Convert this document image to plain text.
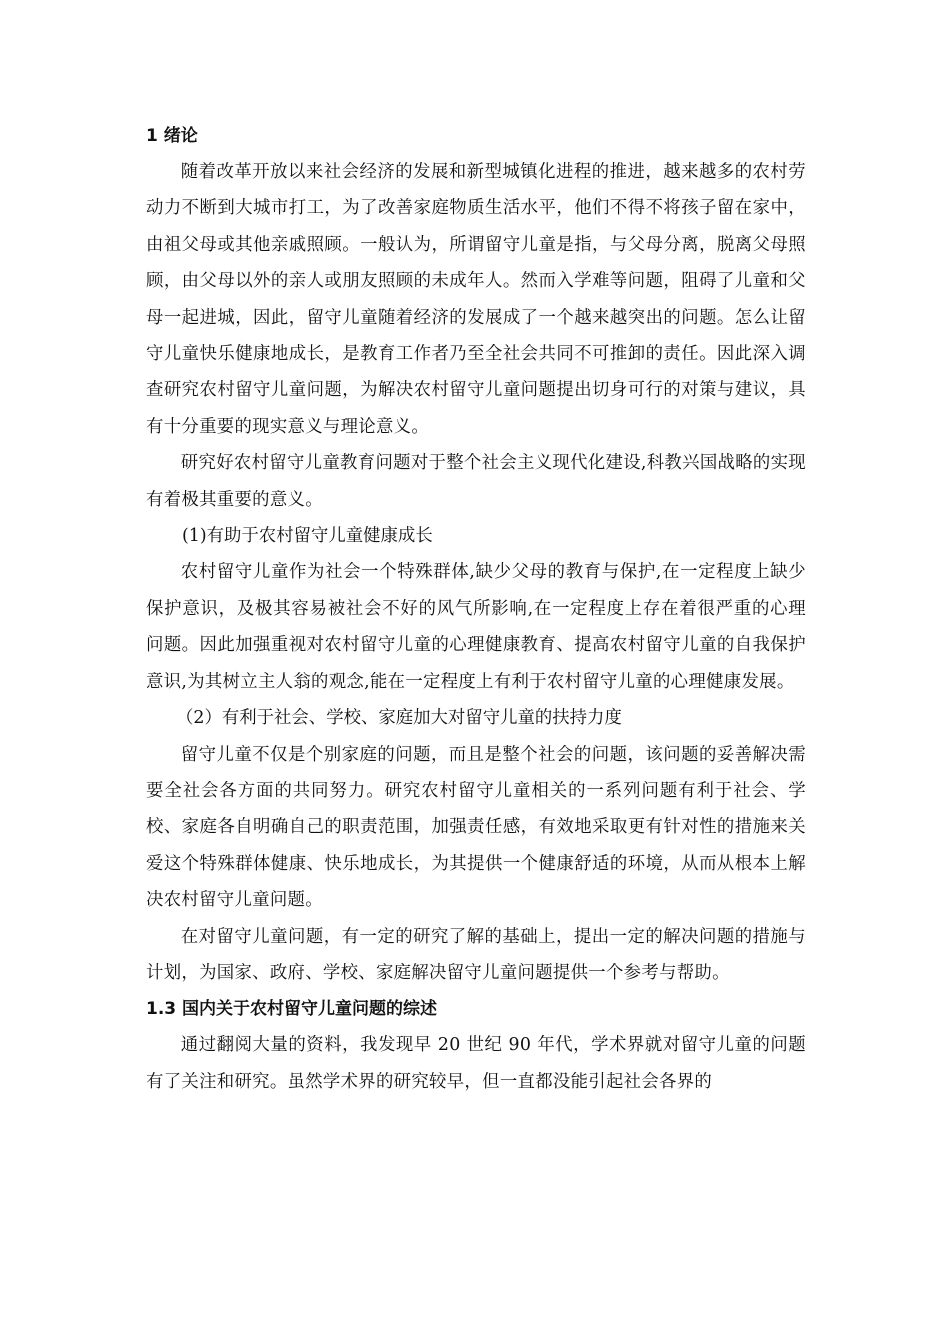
1 绪论

随着改革开放以来社会经济的发展和新型城镇化进程的推进，越来越多的农村劳动力不断到大城市打工，为了改善家庭物质生活水平，他们不得不将孩子留在家中，由祖父母或其他亲戚照顾。一般认为，所谓留守儿童是指，与父母分离，脱离父母照顾，由父母以外的亲人或朋友照顾的未成年人。然而入学难等问题，阻碍了儿童和父母一起进城，因此，留守儿童随着经济的发展成了一个越来越突出的问题。怎么让留守儿童快乐健康地成长，是教育工作者乃至全社会共同不可推卸的责任。因此深入调查研究农村留守儿童问题，为解决农村留守儿童问题提出切身可行的对策与建议，具有十分重要的现实意义与理论意义。

研究好农村留守儿童教育问题对于整个社会主义现代化建设,科教兴国战略的实现有着极其重要的意义。

(1)有助于农村留守儿童健康成长

农村留守儿童作为社会一个特殊群体,缺少父母的教育与保护,在一定程度上缺少保护意识，及极其容易被社会不好的风气所影响,在一定程度上存在着很严重的心理问题。因此加强重视对农村留守儿童的心理健康教育、提高农村留守儿童的自我保护意识,为其树立主人翁的观念,能在一定程度上有利于农村留守儿童的心理健康发展。

（2）有利于社会、学校、家庭加大对留守儿童的扶持力度

留守儿童不仅是个别家庭的问题，而且是整个社会的问题，该问题的妥善解决需要全社会各方面的共同努力。研究农村留守儿童相关的一系列问题有利于社会、学校、家庭各自明确自己的职责范围，加强责任感，有效地采取更有针对性的措施来关爱这个特殊群体健康、快乐地成长，为其提供一个健康舒适的环境，从而从根本上解决农村留守儿童问题。

在对留守儿童问题，有一定的研究了解的基础上，提出一定的解决问题的措施与计划，为国家、政府、学校、家庭解决留守儿童问题提供一个参考与帮助。

1.3 国内关于农村留守儿童问题的综述

通过翻阅大量的资料，我发现早 20 世纪 90 年代，学术界就对留守儿童的问题有了关注和研究。虽然学术界的研究较早，但一直都没能引起社会各界的
